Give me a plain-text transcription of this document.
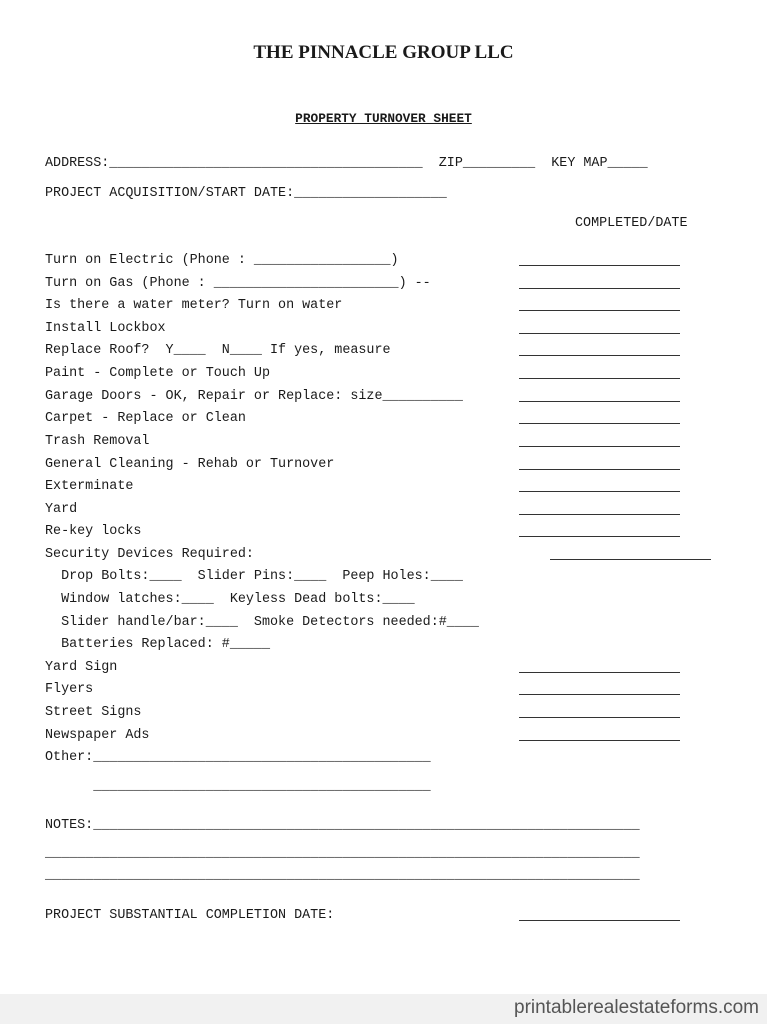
THE PINNACLE GROUP LLC
PROPERTY TURNOVER SHEET
ADDRESS:_______________________________________  ZIP_________  KEY MAP_____
PROJECT ACQUISITION/START DATE:___________________
COMPLETED/DATE
Turn on Electric (Phone : _________________)
Turn on Gas (Phone : _______________________) --
Is there a water meter? Turn on water
Install Lockbox
Replace Roof?  Y____  N____ If yes, measure
Paint - Complete or Touch Up
Garage Doors - OK, Repair or Replace: size__________
Carpet - Replace or Clean
Trash Removal
General Cleaning - Rehab or Turnover
Exterminate
Yard
Re-key locks
Security Devices Required:
Drop Bolts:____  Slider Pins:____  Peep Holes:____
Window latches:____  Keyless Dead bolts:____
Slider handle/bar:____  Smoke Detectors needed:#____
Batteries Replaced: #_____
Yard Sign
Flyers
Street Signs
Newspaper Ads
Other:__________________________________________
__________________________________________
NOTES:____________________________________________________________________
__________________________________________________________________________
__________________________________________________________________________
PROJECT SUBSTANTIAL COMPLETION DATE:
printablerealestateforms.com
